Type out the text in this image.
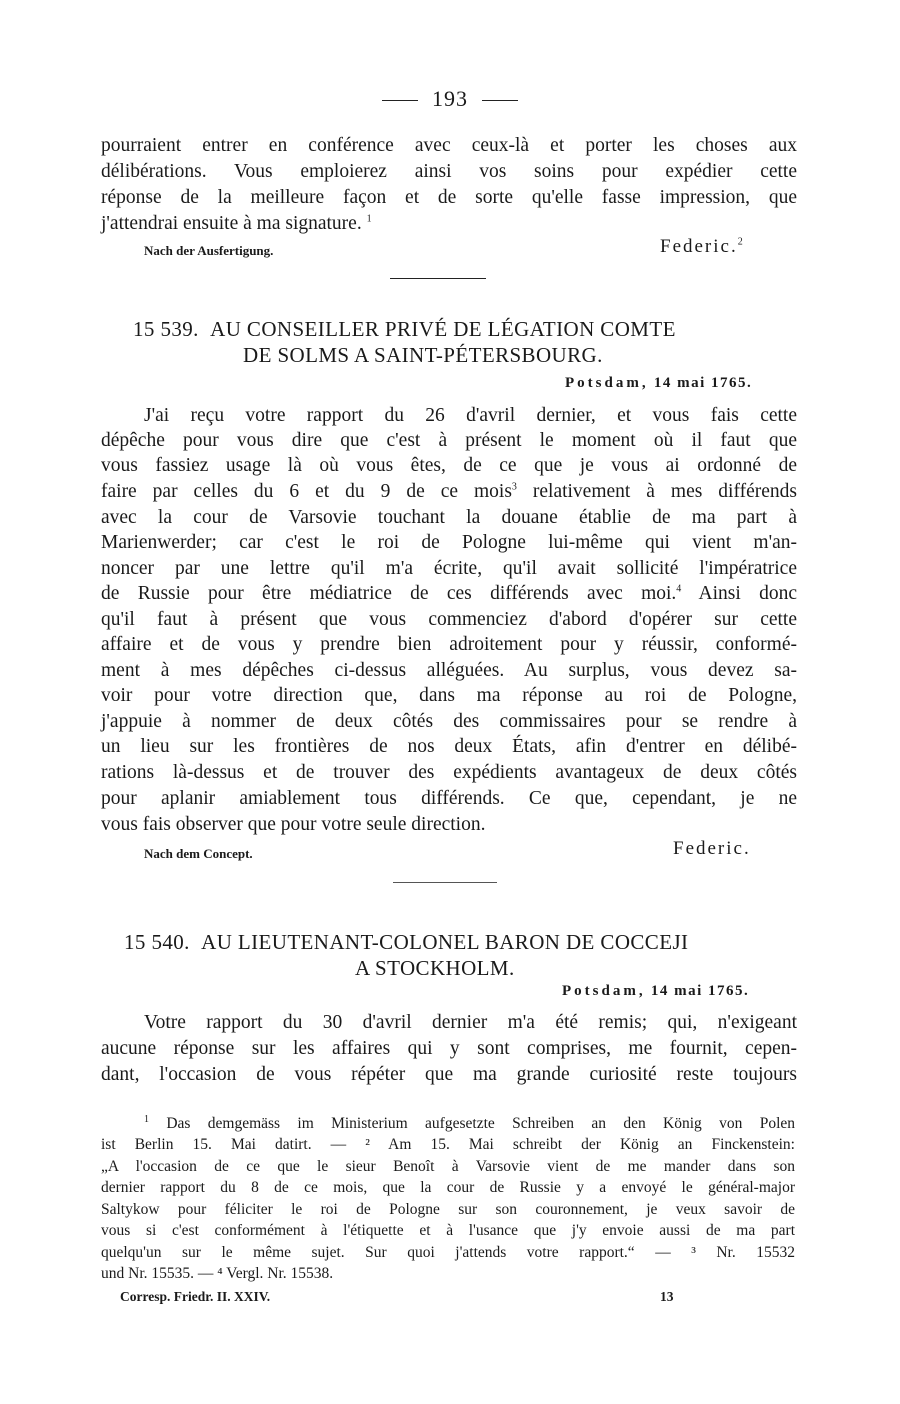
193
pourraient entrer en conférence avec ceux-là et porter les choses aux
délibérations. Vous emploierez ainsi vos soins pour expédier cette
réponse de la meilleure façon et de sorte qu'elle fasse impression, que
j'attendrai ensuite à ma signature. $^1$
Nach der Ausfertigung.	Federic.$^2$
15 539. AU CONSEILLER PRIVÉ DE LÉGATION COMTE
DE SOLMS A SAINT-PÉTERSBOURG.
Potsdam, 14 mai 1765.
J'ai reçu votre rapport du 26 d'avril dernier, et vous fais cette
dépêche pour vous dire que c'est à présent le moment où il faut que
vous fassiez usage là où vous êtes, de ce que je vous ai ordonné de
faire par celles du 6 et du 9 de ce mois$^3$ relativement à mes différends
avec la cour de Varsovie touchant la douane établie de ma part à
Marienwerder; car c'est le roi de Pologne lui-même qui vient m'an-
noncer par une lettre qu'il m'a écrite, qu'il avait sollicité l'impératrice
de Russie pour être médiatrice de ces différends avec moi.$^4$ Ainsi donc
qu'il faut à présent que vous commenciez d'abord d'opérer sur cette
affaire et de vous y prendre bien adroitement pour y réussir, conformé-
ment à mes dépêches ci-dessus alléguées. Au surplus, vous devez sa-
voir pour votre direction que, dans ma réponse au roi de Pologne,
j'appuie à nommer de deux côtés des commissaires pour se rendre à
un lieu sur les frontières de nos deux États, afin d'entrer en délibé-
rations là-dessus et de trouver des expédients avantageux de deux côtés
pour aplanir amiablement tous différends. Ce que, cependant, je ne
vous fais observer que pour votre seule direction.
Nach dem Concept.	Federic.
15 540. AU LIEUTENANT-COLONEL BARON DE COCCEJI
A STOCKHOLM.
Potsdam, 14 mai 1765.
Votre rapport du 30 d'avril dernier m'a été remis; qui, n'exigeant
aucune réponse sur les affaires qui y sont comprises, me fournit, cepen-
dant, l'occasion de vous répéter que ma grande curiosité reste toujours
$^1$ Das demgemäss im Ministerium aufgesetzte Schreiben an den König von Polen
ist Berlin 15. Mai datirt. — ² Am 15. Mai schreibt der König an Finckenstein:
„A l'occasion de ce que le sieur Benoît à Varsovie vient de me mander dans son
dernier rapport du 8 de ce mois, que la cour de Russie y a envoyé le général-major
Saltykow pour féliciter le roi de Pologne sur son couronnement, je veux savoir de
vous si c'est conformément à l'étiquette et à l'usance que j'y envoie aussi de ma part
quelqu'un sur le même sujet. Sur quoi j'attends votre rapport.“ — ³ Nr. 15532
und Nr. 15535. — ⁴ Vergl. Nr. 15538.
Corresp. Friedr. II. XXIV.	13
